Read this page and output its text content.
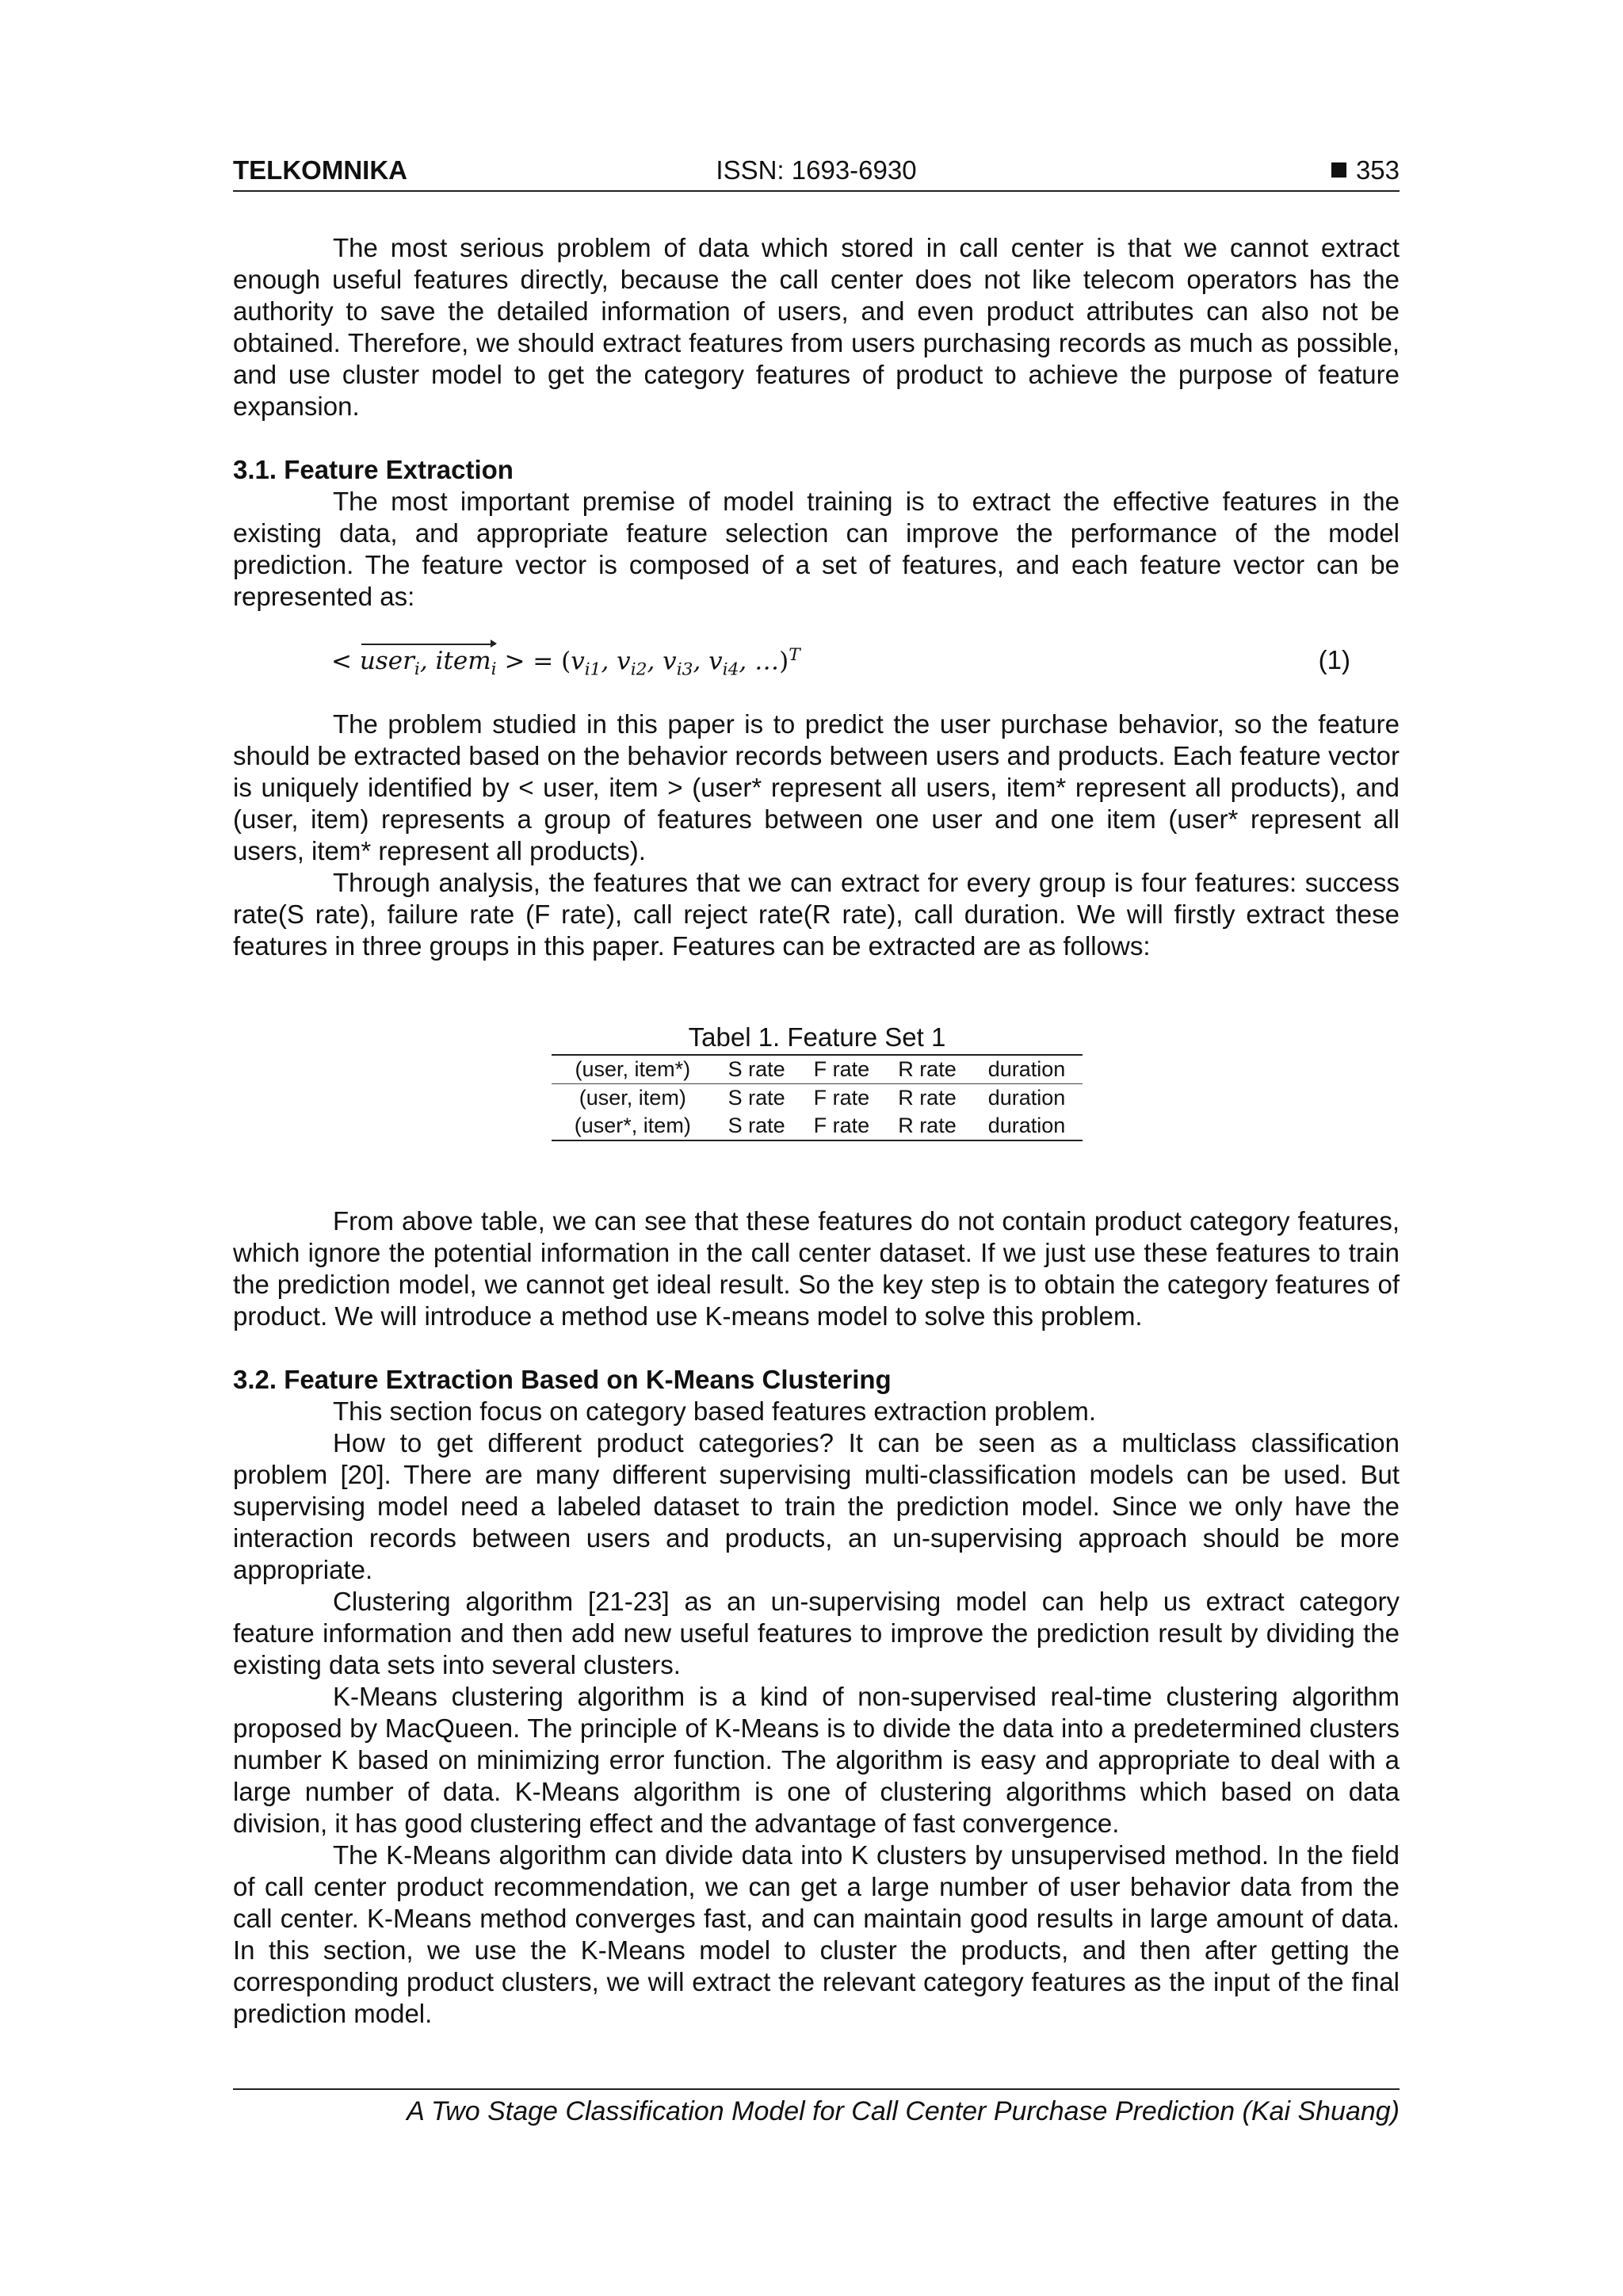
TELKOMNIKA	ISSN: 1693-6930	353

The most serious problem of data which stored in call center is that we cannot extract enough useful features directly, because the call center does not like telecom operators has the authority to save the detailed information of users, and even product attributes can also not be obtained. Therefore, we should extract features from users purchasing records as much as possible, and use cluster model to get the category features of product to achieve the purpose of feature expansion.

3.1. Feature Extraction

The most important premise of model training is to extract the effective features in the existing data, and appropriate feature selection can improve the performance of the model prediction. The feature vector is composed of a set of features, and each feature vector can be represented as:

< user$_i$, item$_i$ > = ($v_{i1}$, $v_{i2}$, $v_{i3}$, $v_{i4}$, …)$^T$	(1)

The problem studied in this paper is to predict the user purchase behavior, so the feature should be extracted based on the behavior records between users and products. Each feature vector is uniquely identified by < user, item > (user* represent all users, item* represent all products), and (user, item) represents a group of features between one user and one item (user* represent all users, item* represent all products).

Through analysis, the features that we can extract for every group is four features: success rate(S rate), failure rate (F rate), call reject rate(R rate), call duration. We will firstly extract these features in three groups in this paper. Features can be extracted are as follows:

Tabel 1. Feature Set 1
(user, item*)	S rate	F rate	R rate	duration
(user, item)	S rate	F rate	R rate	duration
(user*, item)	S rate	F rate	R rate	duration

From above table, we can see that these features do not contain product category features, which ignore the potential information in the call center dataset. If we just use these features to train the prediction model, we cannot get ideal result. So the key step is to obtain the category features of product. We will introduce a method use K-means model to solve this problem.

3.2. Feature Extraction Based on K-Means Clustering

This section focus on category based features extraction problem.

How to get different product categories? It can be seen as a multiclass classification problem [20]. There are many different supervising multi-classification models can be used. But supervising model need a labeled dataset to train the prediction model. Since we only have the interaction records between users and products, an un-supervising approach should be more appropriate.

Clustering algorithm [21-23] as an un-supervising model can help us extract category feature information and then add new useful features to improve the prediction result by dividing the existing data sets into several clusters.

K-Means clustering algorithm is a kind of non-supervised real-time clustering algorithm proposed by MacQueen. The principle of K-Means is to divide the data into a predetermined clusters number K based on minimizing error function. The algorithm is easy and appropriate to deal with a large number of data. K-Means algorithm is one of clustering algorithms which based on data division, it has good clustering effect and the advantage of fast convergence.

The K-Means algorithm can divide data into K clusters by unsupervised method. In the field of call center product recommendation, we can get a large number of user behavior data from the call center. K-Means method converges fast, and can maintain good results in large amount of data. In this section, we use the K-Means model to cluster the products, and then after getting the corresponding product clusters, we will extract the relevant category features as the input of the final prediction model.

A Two Stage Classification Model for Call Center Purchase Prediction (Kai Shuang)
